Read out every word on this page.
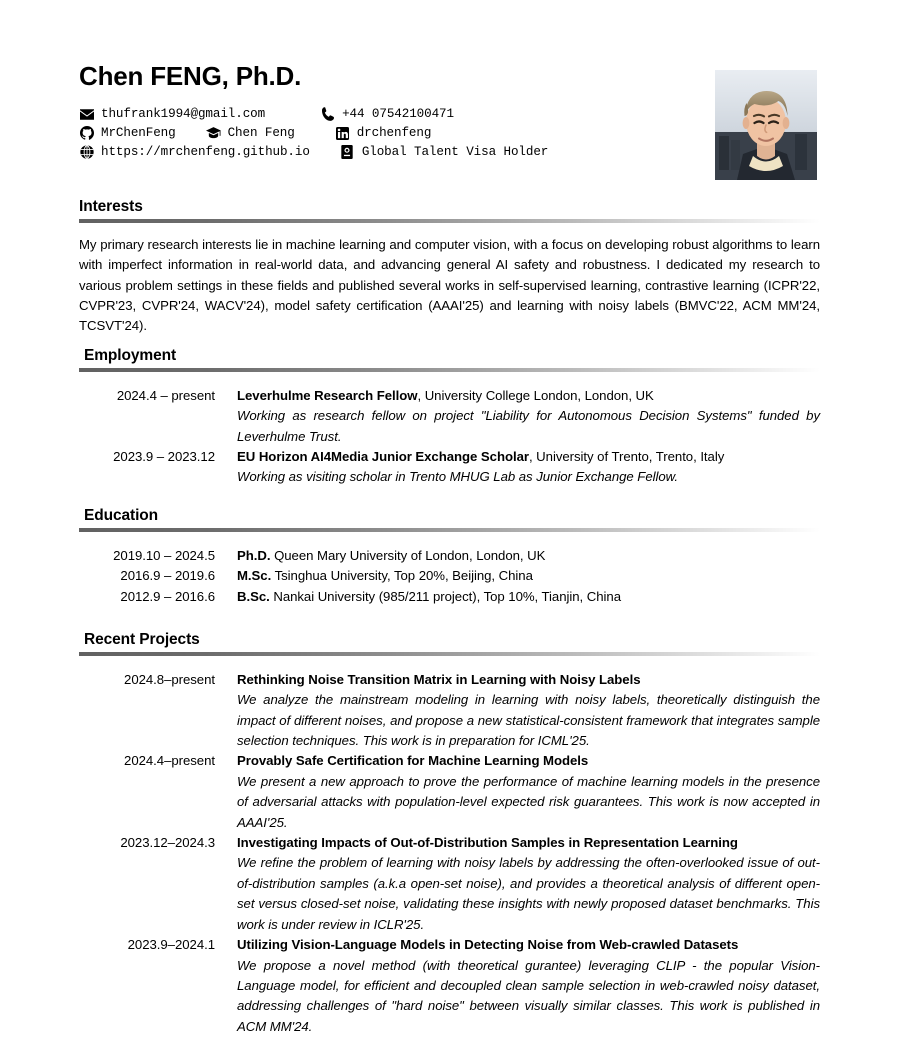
Chen FENG, Ph.D.
thufrank1994@gmail.com	+44 07542100471
MrChenFeng	Chen Feng	drchenfeng
https://mrchenfeng.github.io	Global Talent Visa Holder
Interests

My primary research interests lie in machine learning and computer vision, with a focus on developing robust algorithms to learn with imperfect information in real-world data, and advancing general AI safety and robustness. I dedicated my research to various problem settings in these fields and published several works in self-supervised learning, contrastive learning (ICPR'22, CVPR'23, CVPR'24, WACV'24), model safety certification (AAAI'25) and learning with noisy labels (BMVC'22, ACM MM'24, TCSVT'24).

Employment
2024.4 – present Leverhulme Research Fellow, University College London, London, UK
Working as research fellow on project "Liability for Autonomous Decision Systems" funded by Leverhulme Trust.
2023.9 – 2023.12 EU Horizon AI4Media Junior Exchange Scholar, University of Trento, Trento, Italy
Working as visiting scholar in Trento MHUG Lab as Junior Exchange Fellow.
Education
2019.10 – 2024.5 Ph.D. Queen Mary University of London, London, UK
2016.9 – 2019.6 M.Sc. Tsinghua University, Top 20%, Beijing, China
2012.9 – 2016.6 B.Sc. Nankai University (985/211 project), Top 10%, Tianjin, China
Recent Projects
2024.8–present Rethinking Noise Transition Matrix in Learning with Noisy Labels
We analyze the mainstream modeling in learning with noisy labels, theoretically distinguish the impact of different noises, and propose a new statistical-consistent framework that integrates sample selection techniques. This work is in preparation for ICML'25.
2024.4–present Provably Safe Certification for Machine Learning Models
We present a new approach to prove the performance of machine learning models in the presence of adversarial attacks with population-level expected risk guarantees. This work is now accepted in AAAI'25.
2023.12–2024.3 Investigating Impacts of Out-of-Distribution Samples in Representation Learning
We refine the problem of learning with noisy labels by addressing the often-overlooked issue of out-of-distribution samples (a.k.a open-set noise), and provides a theoretical analysis of different open-set versus closed-set noise, validating these insights with newly proposed dataset benchmarks. This work is under review in ICLR'25.
2023.9–2024.1 Utilizing Vision-Language Models in Detecting Noise from Web-crawled Datasets
We propose a novel method (with theoretical gurantee) leveraging CLIP - the popular Vision-Language model, for efficient and decoupled clean sample selection in web-crawled noisy dataset, addressing challenges of "hard noise" between visually similar classes. This work is published in ACM MM'24.
